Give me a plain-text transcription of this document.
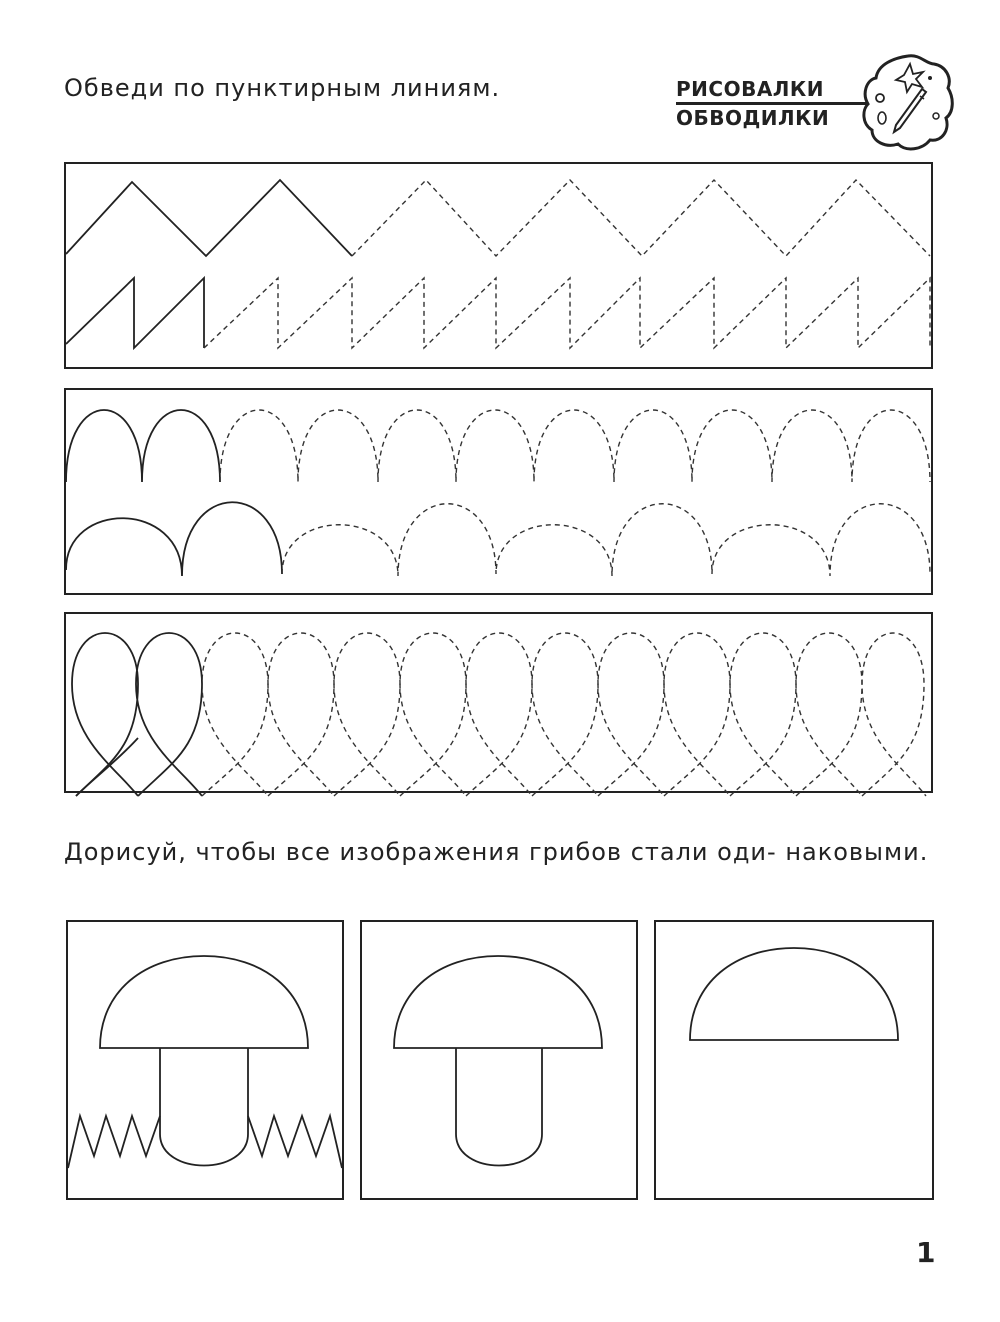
Обведи по пунктирным линиям.	РИСОВАЛКИ
ОБВОДИЛКИ

Дорисуй, чтобы все изображения грибов стали оди- наковыми.

1
